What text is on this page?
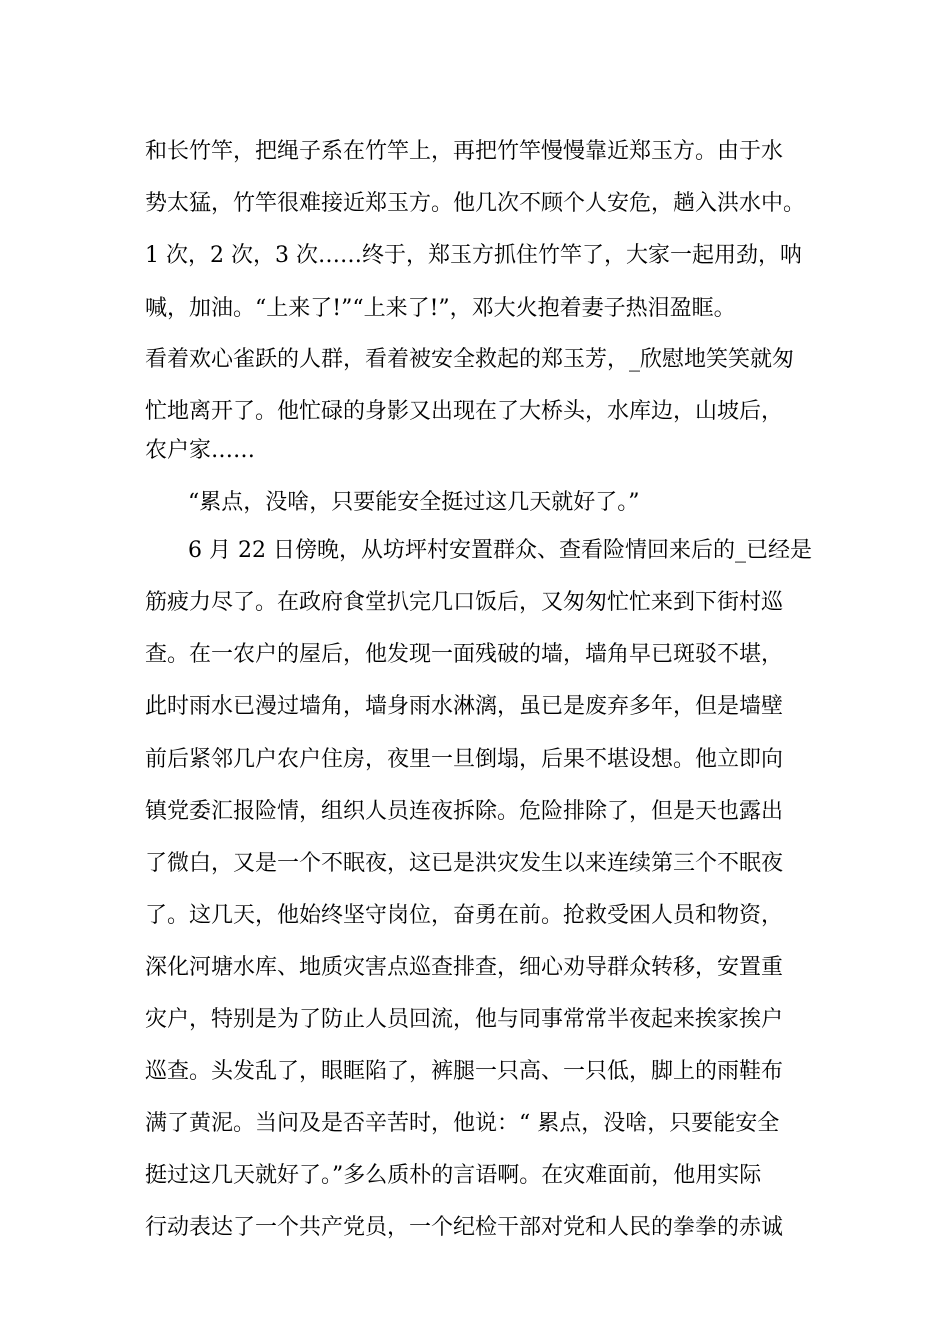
和长竹竿，把绳子系在竹竿上，再把竹竿慢慢靠近郑玉方。由于水
势太猛，竹竿很难接近郑玉方。他几次不顾个人安危，趟入洪水中。
1 次，2 次，3 次……终于，郑玉方抓住竹竿了，大家一起用劲，呐
喊，加油。“上来了!”“上来了!”，邓大火抱着妻子热泪盈眶。
看着欢心雀跃的人群，看着被安全救起的郑玉芳，_欣慰地笑笑就匆
忙地离开了。他忙碌的身影又出现在了大桥头，水库边，山坡后，
农户家……
“累点，没啥，只要能安全挺过这几天就好了。”
6 月 22 日傍晚，从坊坪村安置群众、查看险情回来后的_已经是
筋疲力尽了。在政府食堂扒完几口饭后，又匆匆忙忙来到下街村巡
查。在一农户的屋后，他发现一面残破的墙，墙角早已斑驳不堪，
此时雨水已漫过墙角，墙身雨水淋漓，虽已是废弃多年，但是墙壁
前后紧邻几户农户住房，夜里一旦倒塌，后果不堪设想。他立即向
镇党委汇报险情，组织人员连夜拆除。危险排除了，但是天也露出
了微白，又是一个不眠夜，这已是洪灾发生以来连续第三个不眠夜
了。这几天，他始终坚守岗位，奋勇在前。抢救受困人员和物资，
深化河塘水库、地质灾害点巡查排查，细心劝导群众转移，安置重
灾户，特别是为了防止人员回流，他与同事常常半夜起来挨家挨户
巡查。头发乱了，眼眶陷了，裤腿一只高、一只低，脚上的雨鞋布
满了黄泥。当问及是否辛苦时，他说：“ 累点，没啥，只要能安全
挺过这几天就好了。”多么质朴的言语啊。在灾难面前，他用实际
行动表达了一个共产党员，一个纪检干部对党和人民的拳拳的赤诚
